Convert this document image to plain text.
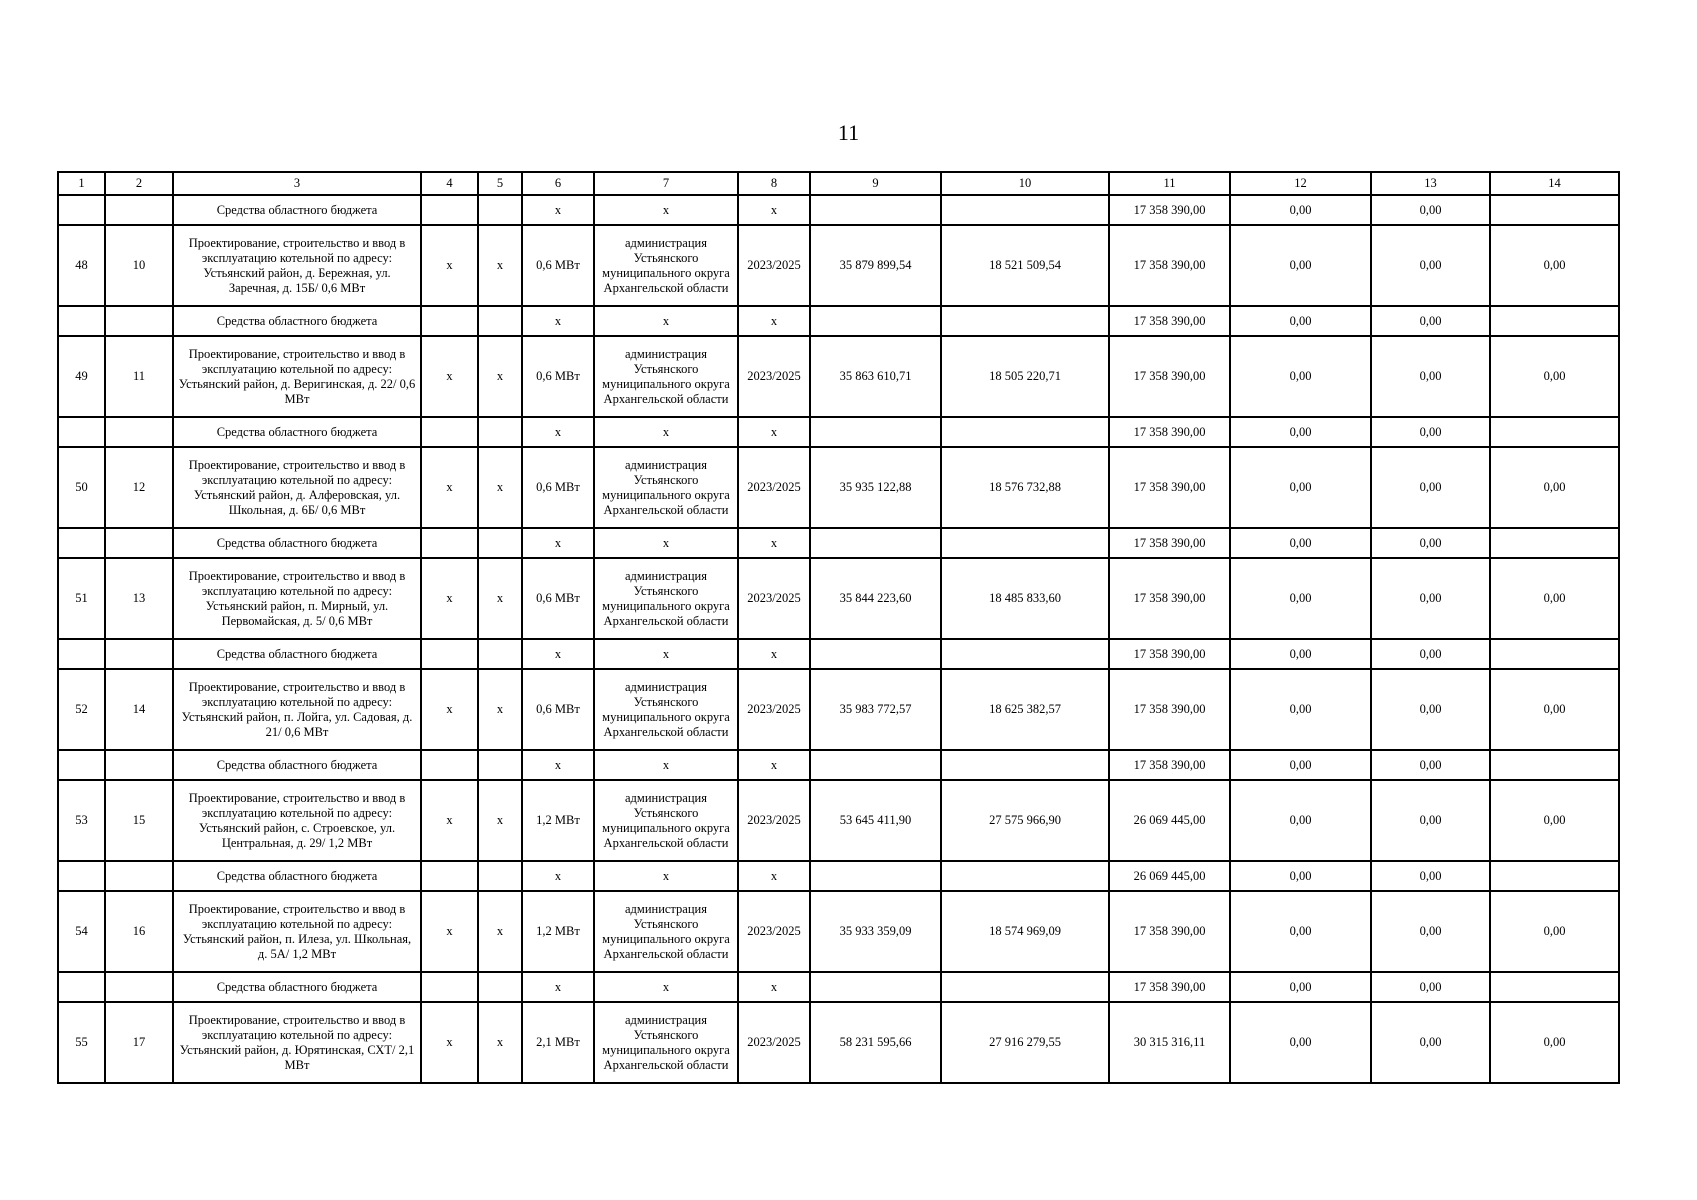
11
1	2	3	4	5	6	7	8	9	10	11	12	13	14
		Средства областного бюджета			х	х	х			17 358 390,00	0,00	0,00	
48	10	Проектирование, строительство и ввод в эксплуатацию котельной по адресу: Устьянский район, д. Бережная, ул. Заречная, д. 15Б/ 0,6 МВт	х	х	0,6 МВт	администрация Устьянского муниципального округа Архангельской области	2023/2025	35 879 899,54	18 521 509,54	17 358 390,00	0,00	0,00	0,00
		Средства областного бюджета			х	х	х			17 358 390,00	0,00	0,00	
49	11	Проектирование, строительство и ввод в эксплуатацию котельной по адресу: Устьянский район, д. Веригинская, д. 22/ 0,6 МВт	х	х	0,6 МВт	администрация Устьянского муниципального округа Архангельской области	2023/2025	35 863 610,71	18 505 220,71	17 358 390,00	0,00	0,00	0,00
		Средства областного бюджета			х	х	х			17 358 390,00	0,00	0,00	
50	12	Проектирование, строительство и ввод в эксплуатацию котельной по адресу: Устьянский район, д. Алферовская, ул. Школьная, д. 6Б/ 0,6 МВт	х	х	0,6 МВт	администрация Устьянского муниципального округа Архангельской области	2023/2025	35 935 122,88	18 576 732,88	17 358 390,00	0,00	0,00	0,00
		Средства областного бюджета			х	х	х			17 358 390,00	0,00	0,00	
51	13	Проектирование, строительство и ввод в эксплуатацию котельной по адресу: Устьянский район, п. Мирный, ул. Первомайская, д. 5/ 0,6 МВт	х	х	0,6 МВт	администрация Устьянского муниципального округа Архангельской области	2023/2025	35 844 223,60	18 485 833,60	17 358 390,00	0,00	0,00	0,00
		Средства областного бюджета			х	х	х			17 358 390,00	0,00	0,00	
52	14	Проектирование, строительство и ввод в эксплуатацию котельной по адресу: Устьянский район, п. Лойга, ул. Садовая, д. 21/ 0,6 МВт	х	х	0,6 МВт	администрация Устьянского муниципального округа Архангельской области	2023/2025	35 983 772,57	18 625 382,57	17 358 390,00	0,00	0,00	0,00
		Средства областного бюджета			х	х	х			17 358 390,00	0,00	0,00	
53	15	Проектирование, строительство и ввод в эксплуатацию котельной по адресу: Устьянский район, с. Строевское, ул. Центральная, д. 29/ 1,2 МВт	х	х	1,2 МВт	администрация Устьянского муниципального округа Архангельской области	2023/2025	53 645 411,90	27 575 966,90	26 069 445,00	0,00	0,00	0,00
		Средства областного бюджета			х	х	х			26 069 445,00	0,00	0,00	
54	16	Проектирование, строительство и ввод в эксплуатацию котельной по адресу: Устьянский район, п. Илеза, ул. Школьная, д. 5А/ 1,2 МВт	х	х	1,2 МВт	администрация Устьянского муниципального округа Архангельской области	2023/2025	35 933 359,09	18 574 969,09	17 358 390,00	0,00	0,00	0,00
		Средства областного бюджета			х	х	х			17 358 390,00	0,00	0,00	
55	17	Проектирование, строительство и ввод в эксплуатацию котельной по адресу: Устьянский район, д. Юрятинская, СХТ/ 2,1 МВт	х	х	2,1 МВт	администрация Устьянского муниципального округа Архангельской области	2023/2025	58 231 595,66	27 916 279,55	30 315 316,11	0,00	0,00	0,00
